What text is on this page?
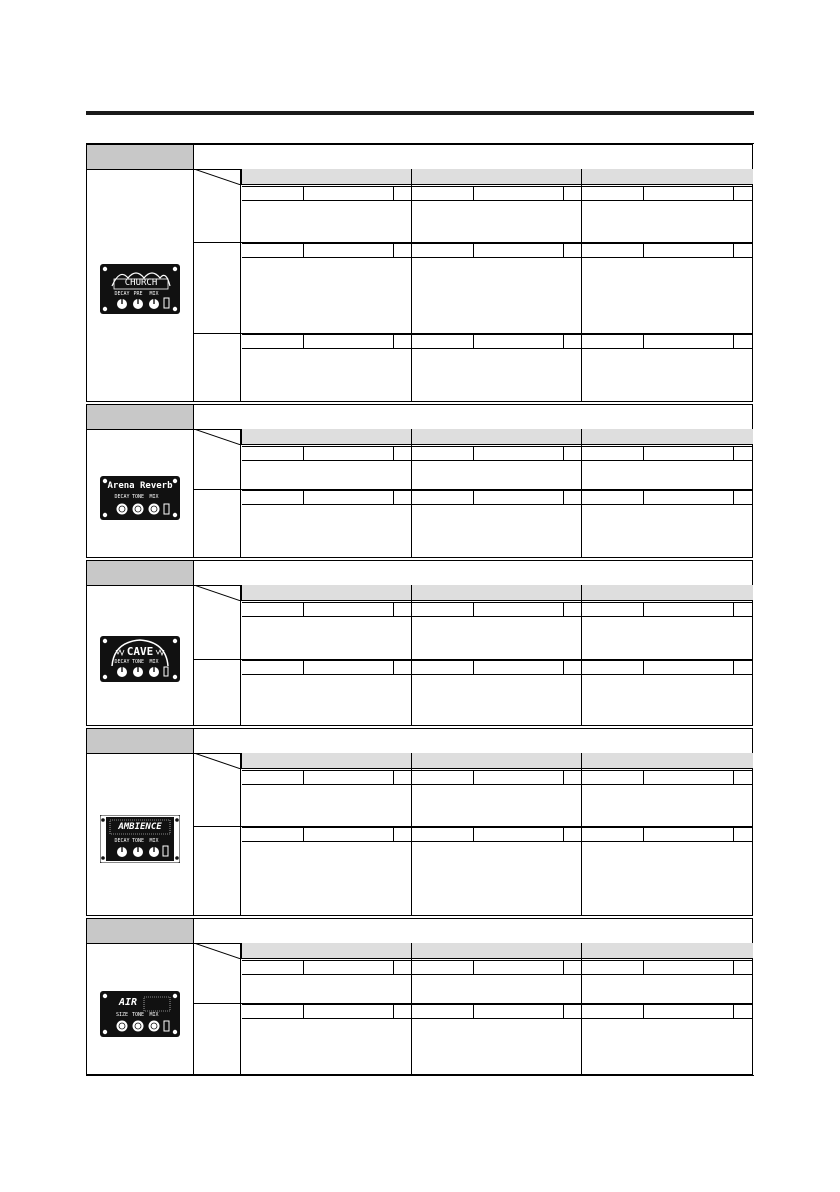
CHURCH
DECAY PRE	MIX
Arena Reverb
DECAY TONE	MIX
CAVE
DECAY TONE	MIX
AMBIENCE
DECAY TONE	MIX
AIR
SIZE TONE	MIX
